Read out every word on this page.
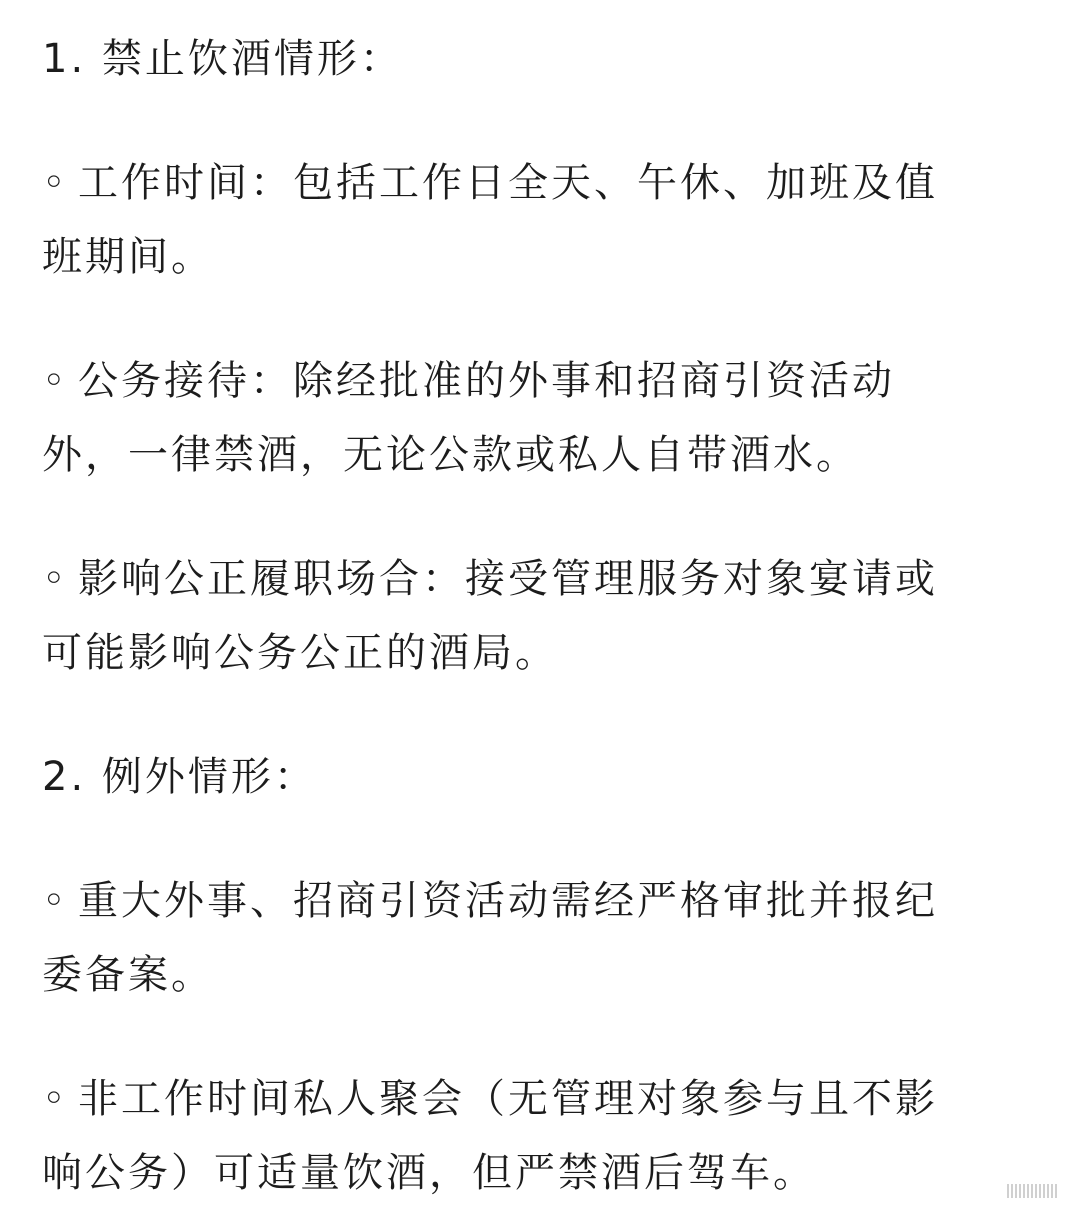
1. 禁止饮酒情形：
◦ 工作时间：包括工作日全天、午休、加班及值
班期间。
◦ 公务接待：除经批准的外事和招商引资活动
外，一律禁酒，无论公款或私人自带酒水。
◦ 影响公正履职场合：接受管理服务对象宴请或
可能影响公务公正的酒局。
2. 例外情形：
◦ 重大外事、招商引资活动需经严格审批并报纪
委备案。
◦ 非工作时间私人聚会（无管理对象参与且不影
响公务）可适量饮酒，但严禁酒后驾车。
